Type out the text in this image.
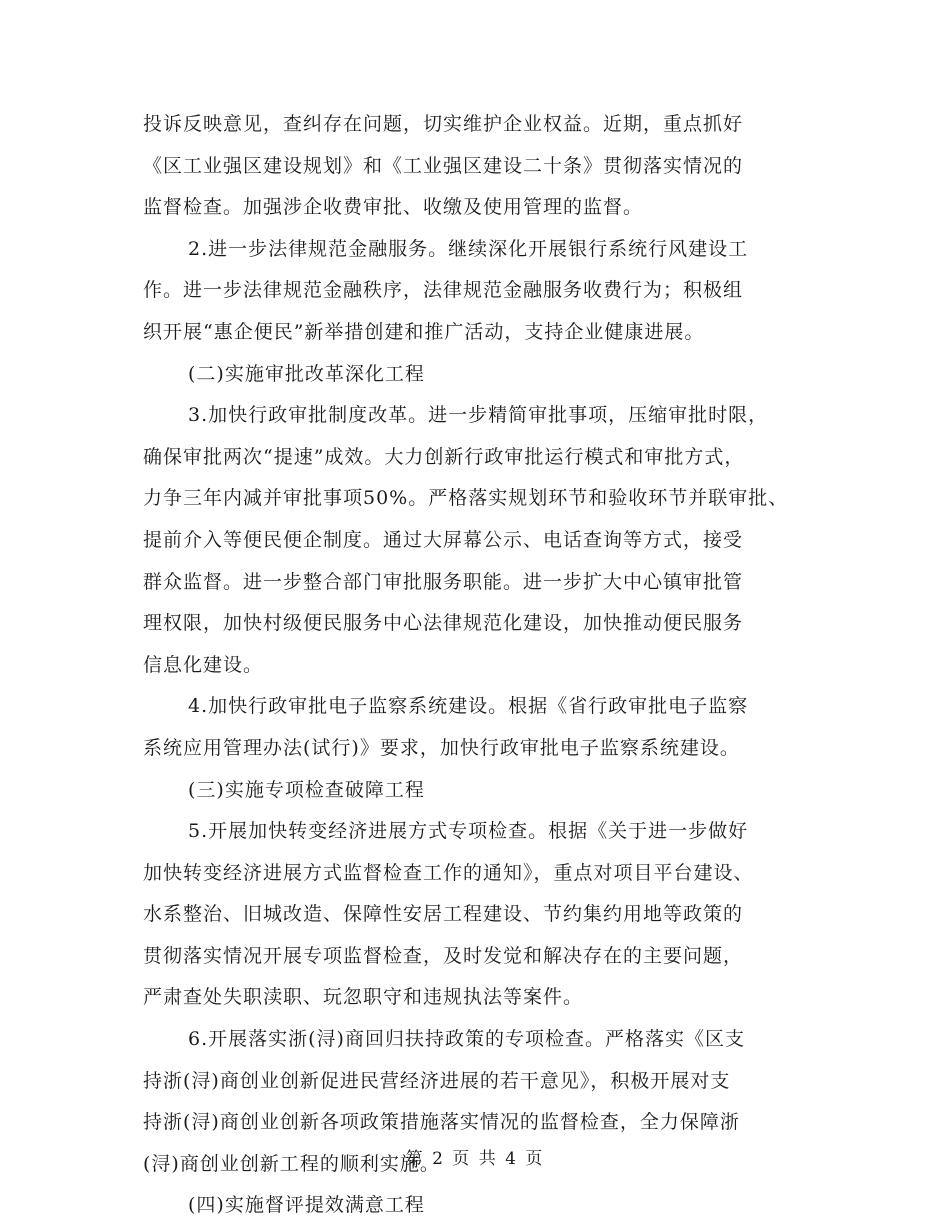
投诉反映意见，查纠存在问题，切实维护企业权益。近期，重点抓好
《区工业强区建设规划》和《工业强区建设二十条》贯彻落实情况的
监督检查。加强涉企收费审批、收缴及使用管理的监督。
2.进一步法律规范金融服务。继续深化开展银行系统行风建设工
作。进一步法律规范金融秩序，法律规范金融服务收费行为；积极组
织开展“惠企便民”新举措创建和推广活动，支持企业健康进展。
(二)实施审批改革深化工程
3.加快行政审批制度改革。进一步精简审批事项，压缩审批时限，
确保审批两次“提速”成效。大力创新行政审批运行模式和审批方式，
力争三年内减并审批事项50%。严格落实规划环节和验收环节并联审批、
提前介入等便民便企制度。通过大屏幕公示、电话查询等方式，接受
群众监督。进一步整合部门审批服务职能。进一步扩大中心镇审批管
理权限，加快村级便民服务中心法律规范化建设，加快推动便民服务
信息化建设。
4.加快行政审批电子监察系统建设。根据《省行政审批电子监察
系统应用管理办法(试行)》要求，加快行政审批电子监察系统建设。
(三)实施专项检查破障工程
5.开展加快转变经济进展方式专项检查。根据《关于进一步做好
加快转变经济进展方式监督检查工作的通知》，重点对项目平台建设、
水系整治、旧城改造、保障性安居工程建设、节约集约用地等政策的
贯彻落实情况开展专项监督检查，及时发觉和解决存在的主要问题，
严肃查处失职渎职、玩忽职守和违规执法等案件。
6.开展落实浙(浔)商回归扶持政策的专项检查。严格落实《区支
持浙(浔)商创业创新促进民营经济进展的若干意见》，积极开展对支
持浙(浔)商创业创新各项政策措施落实情况的监督检查，全力保障浙
(浔)商创业创新工程的顺利实施。
(四)实施督评提效满意工程
第 2 页 共 4 页
